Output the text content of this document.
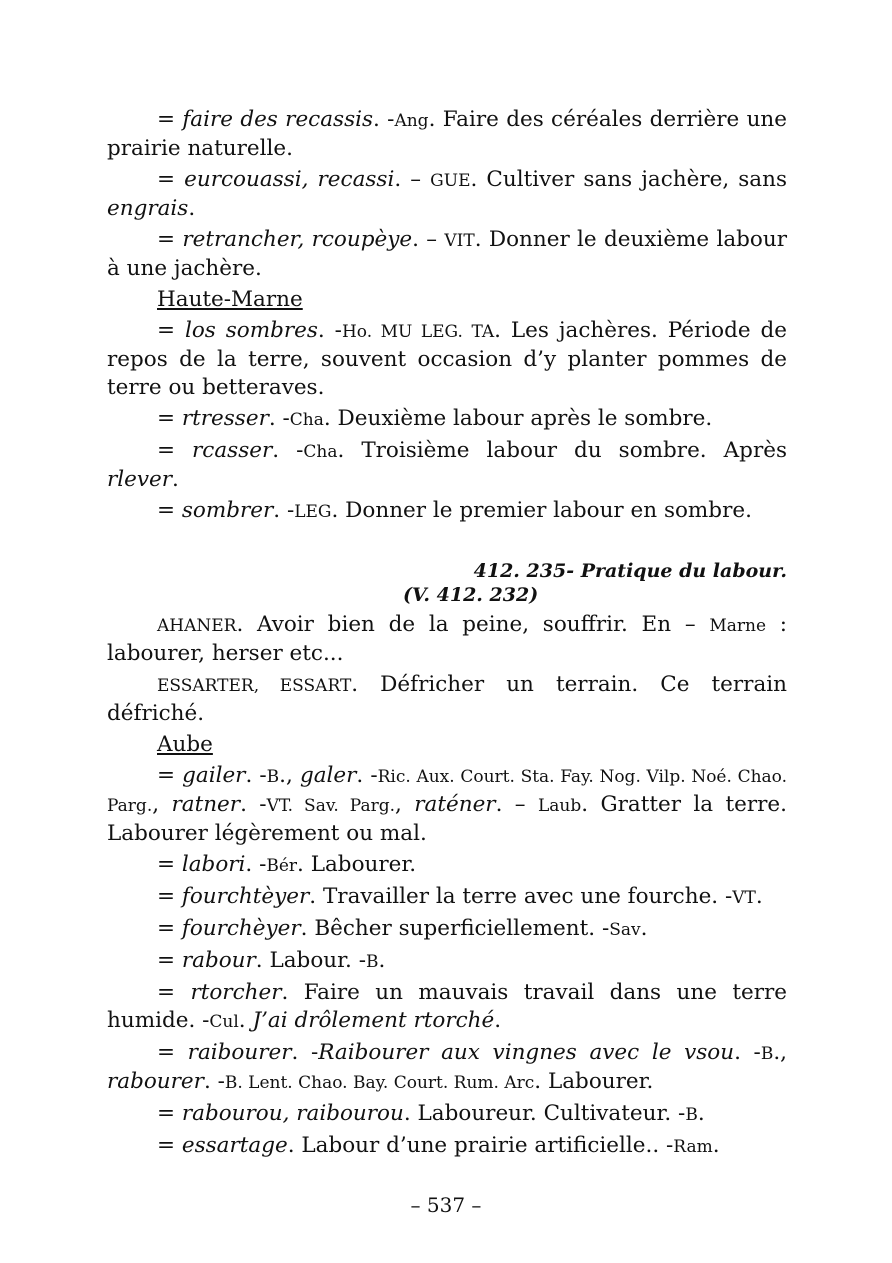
= faire des recassis. -Ang. Faire des céréales derrière une prairie naturelle.

= eurcouassi, recassi. – GUE. Cultiver sans jachère, sans engrais.

= retrancher, rcoupèye. – VIT. Donner le deuxième labour à une jachère.

Haute-Marne

= los sombres. -Ho. MU LEG. TA. Les jachères. Période de repos de la terre, souvent occasion d’y planter pommes de terre ou betteraves.

= rtresser. -Cha. Deuxième labour après le sombre.

= rcasser. -Cha. Troisième labour du sombre. Après rlever.

= sombrer. -LEG. Donner le premier labour en sombre.

412. 235- Pratique du labour.

(V. 412. 232)

AHANER. Avoir bien de la peine, souffrir. En – Marne : labourer, herser etc...

ESSARTER, ESSART. Défricher un terrain. Ce terrain défriché.

Aube

= gailer. -B., galer. -Ric. Aux. Court. Sta. Fay. Nog. Vilp. Noé. Chao. Parg., ratner. -VT. Sav. Parg., raténer. – Laub. Gratter la terre. Labourer légèrement ou mal.

= labori. -Bér. Labourer.

= fourchtèyer. Travailler la terre avec une fourche. -VT.

= fourchèyer. Bêcher superficiellement. -Sav.

= rabour. Labour. -B.

= rtorcher. Faire un mauvais travail dans une terre humide. -Cul. J’ai drôlement rtorché.

= raibourer. -Raibourer aux vingnes avec le vsou. -B., rabourer. -B. Lent. Chao. Bay. Court. Rum. Arc. Labourer.

= rabourou, raibourou. Laboureur. Cultivateur. -B.

= essartage. Labour d’une prairie artificielle.. -Ram.

– 537 –
